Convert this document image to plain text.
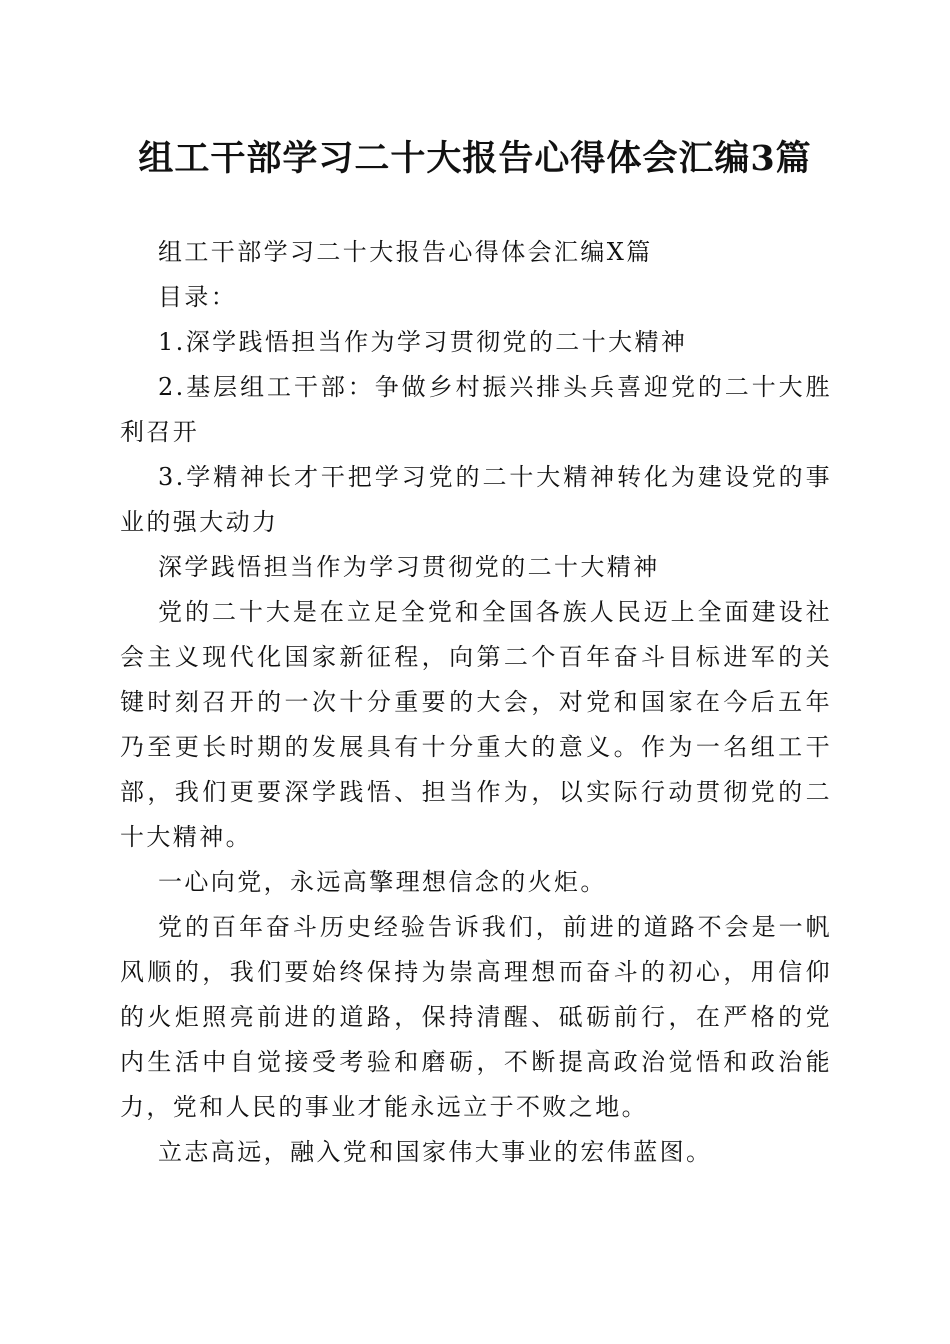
组工干部学习二十大报告心得体会汇编3篇

组工干部学习二十大报告心得体会汇编X篇

目录：

1.深学践悟担当作为学习贯彻党的二十大精神

2.基层组工干部：争做乡村振兴排头兵喜迎党的二十大胜利召开

3.学精神长才干把学习党的二十大精神转化为建设党的事业的强大动力

深学践悟担当作为学习贯彻党的二十大精神

党的二十大是在立足全党和全国各族人民迈上全面建设社会主义现代化国家新征程，向第二个百年奋斗目标进军的关键时刻召开的一次十分重要的大会，对党和国家在今后五年乃至更长时期的发展具有十分重大的意义。作为一名组工干部，我们更要深学践悟、担当作为，以实际行动贯彻党的二十大精神。

一心向党，永远高擎理想信念的火炬。

党的百年奋斗历史经验告诉我们，前进的道路不会是一帆风顺的，我们要始终保持为崇高理想而奋斗的初心，用信仰的火炬照亮前进的道路，保持清醒、砥砺前行，在严格的党内生活中自觉接受考验和磨砺，不断提高政治觉悟和政治能力，党和人民的事业才能永远立于不败之地。

立志高远，融入党和国家伟大事业的宏伟蓝图。
